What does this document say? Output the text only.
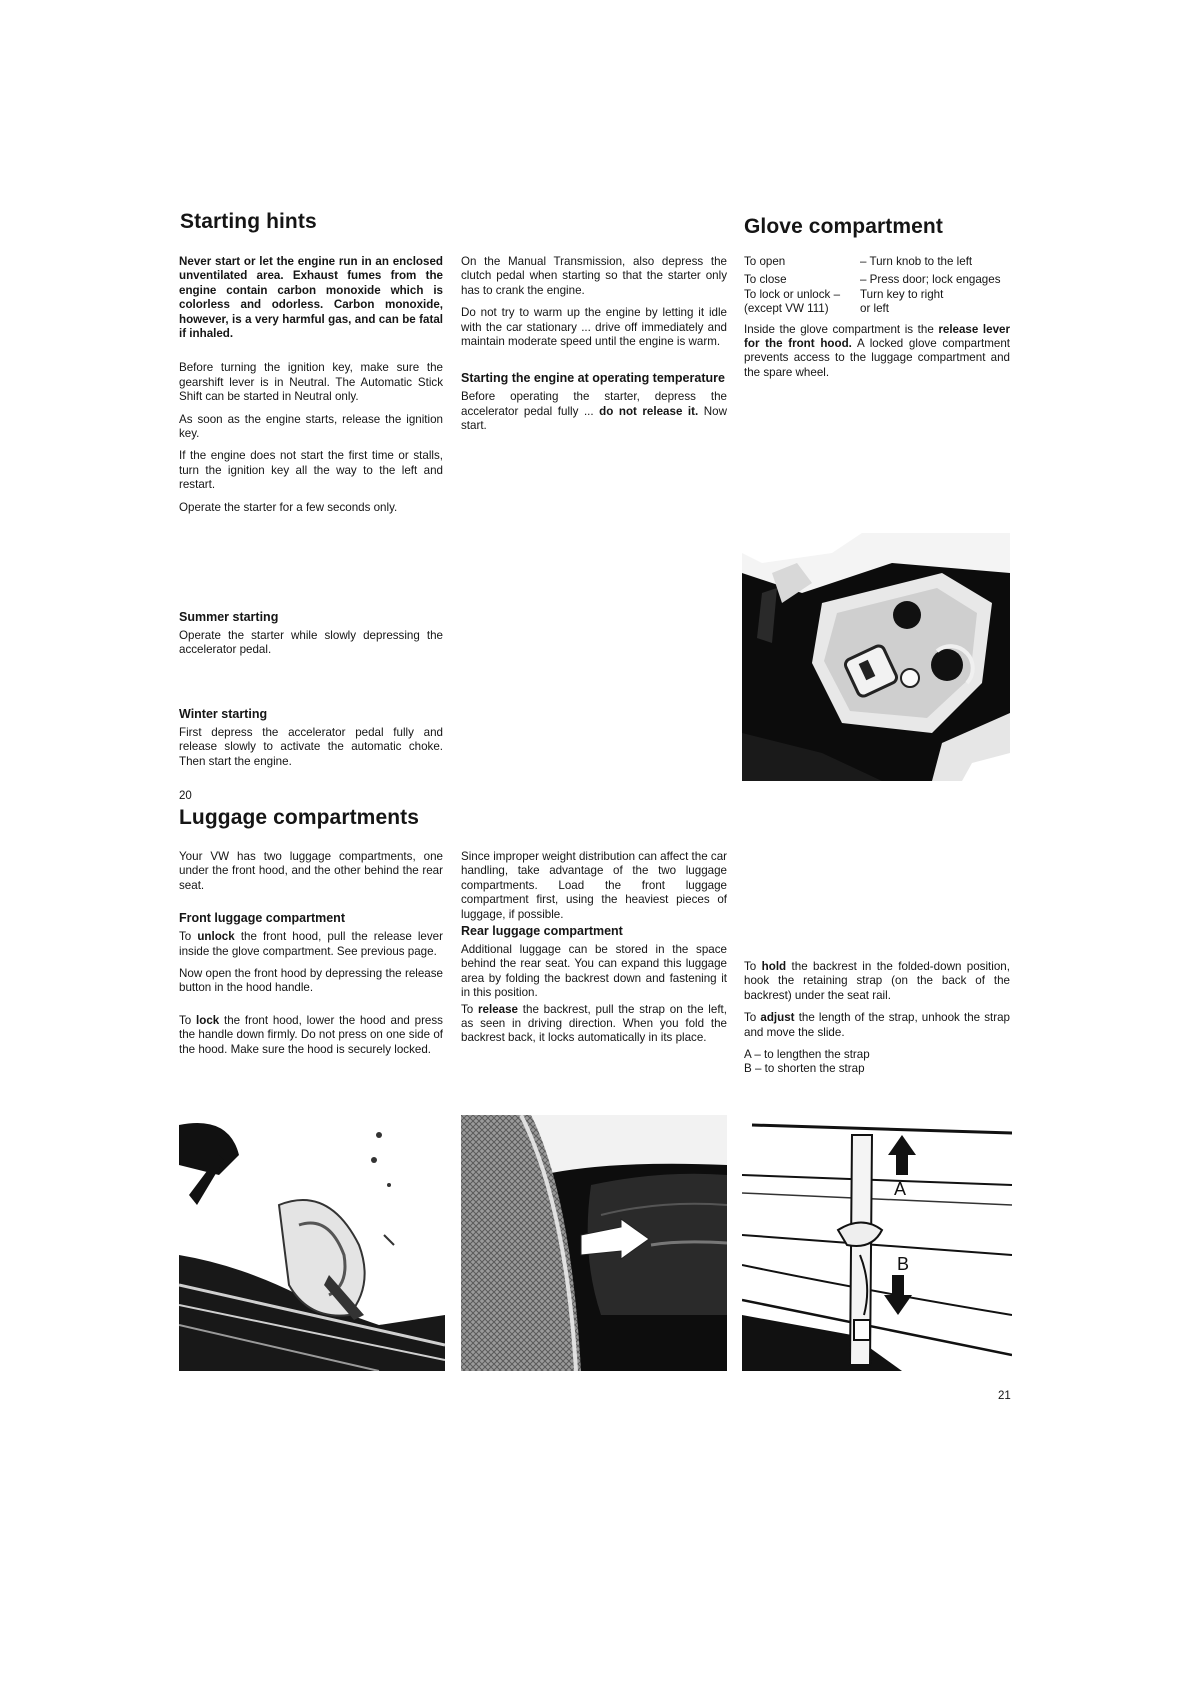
Starting hints

Never start or let the engine run in an enclosed unventilated area. Exhaust fumes from the engine contain carbon monoxide which is colorless and odorless. Carbon monoxide, however, is a very harmful gas, and can be fatal if inhaled.

Before turning the ignition key, make sure the gearshift lever is in Neutral. The Automatic Stick Shift can be started in Neutral only.

As soon as the engine starts, release the ignition key.

If the engine does not start the first time or stalls, turn the ignition key all the way to the left and restart.

Operate the starter for a few seconds only.

Summer starting

Operate the starter while slowly depressing the accelerator pedal.

Winter starting

First depress the accelerator pedal fully and release slowly to activate the automatic choke. Then start the engine.

20

On the Manual Transmission, also depress the clutch pedal when starting so that the starter only has to crank the engine.

Do not try to warm up the engine by letting it idle with the car stationary ... drive off immediately and maintain moderate speed until the engine is warm.

Starting the engine at operating temperature

Before operating the starter, depress the accelerator pedal fully ... do not release it. Now start.

Glove compartment
To open	– Turn knob to the left
To close	– Press door; lock engages
To lock or unlock –	Turn key to right
(except VW 111)	or left

Inside the glove compartment is the release lever for the front hood. A locked glove compartment prevents access to the luggage compartment and the spare wheel.

Luggage compartments

Your VW has two luggage compartments, one under the front hood, and the other behind the rear seat.

Front luggage compartment

To unlock the front hood, pull the release lever inside the glove compartment. See previous page.

Now open the front hood by depressing the release button in the hood handle.

To lock the front hood, lower the hood and press the handle down firmly. Do not press on one side of the hood. Make sure the hood is securely locked.

Since improper weight distribution can affect the car handling, take advantage of the two luggage compartments. Load the front luggage compartment first, using the heaviest pieces of luggage, if possible.

Rear luggage compartment

Additional luggage can be stored in the space behind the rear seat. You can expand this luggage area by folding the backrest down and fastening it in this position.

To release the backrest, pull the strap on the left, as seen in driving direction. When you fold the backrest back, it locks automatically in its place.

To hold the backrest in the folded-down position, hook the retaining strap (on the back of the backrest) under the seat rail.

To adjust the length of the strap, unhook the strap and move the slide.

A – to lengthen the strap
B – to shorten the strap
A
B
21
